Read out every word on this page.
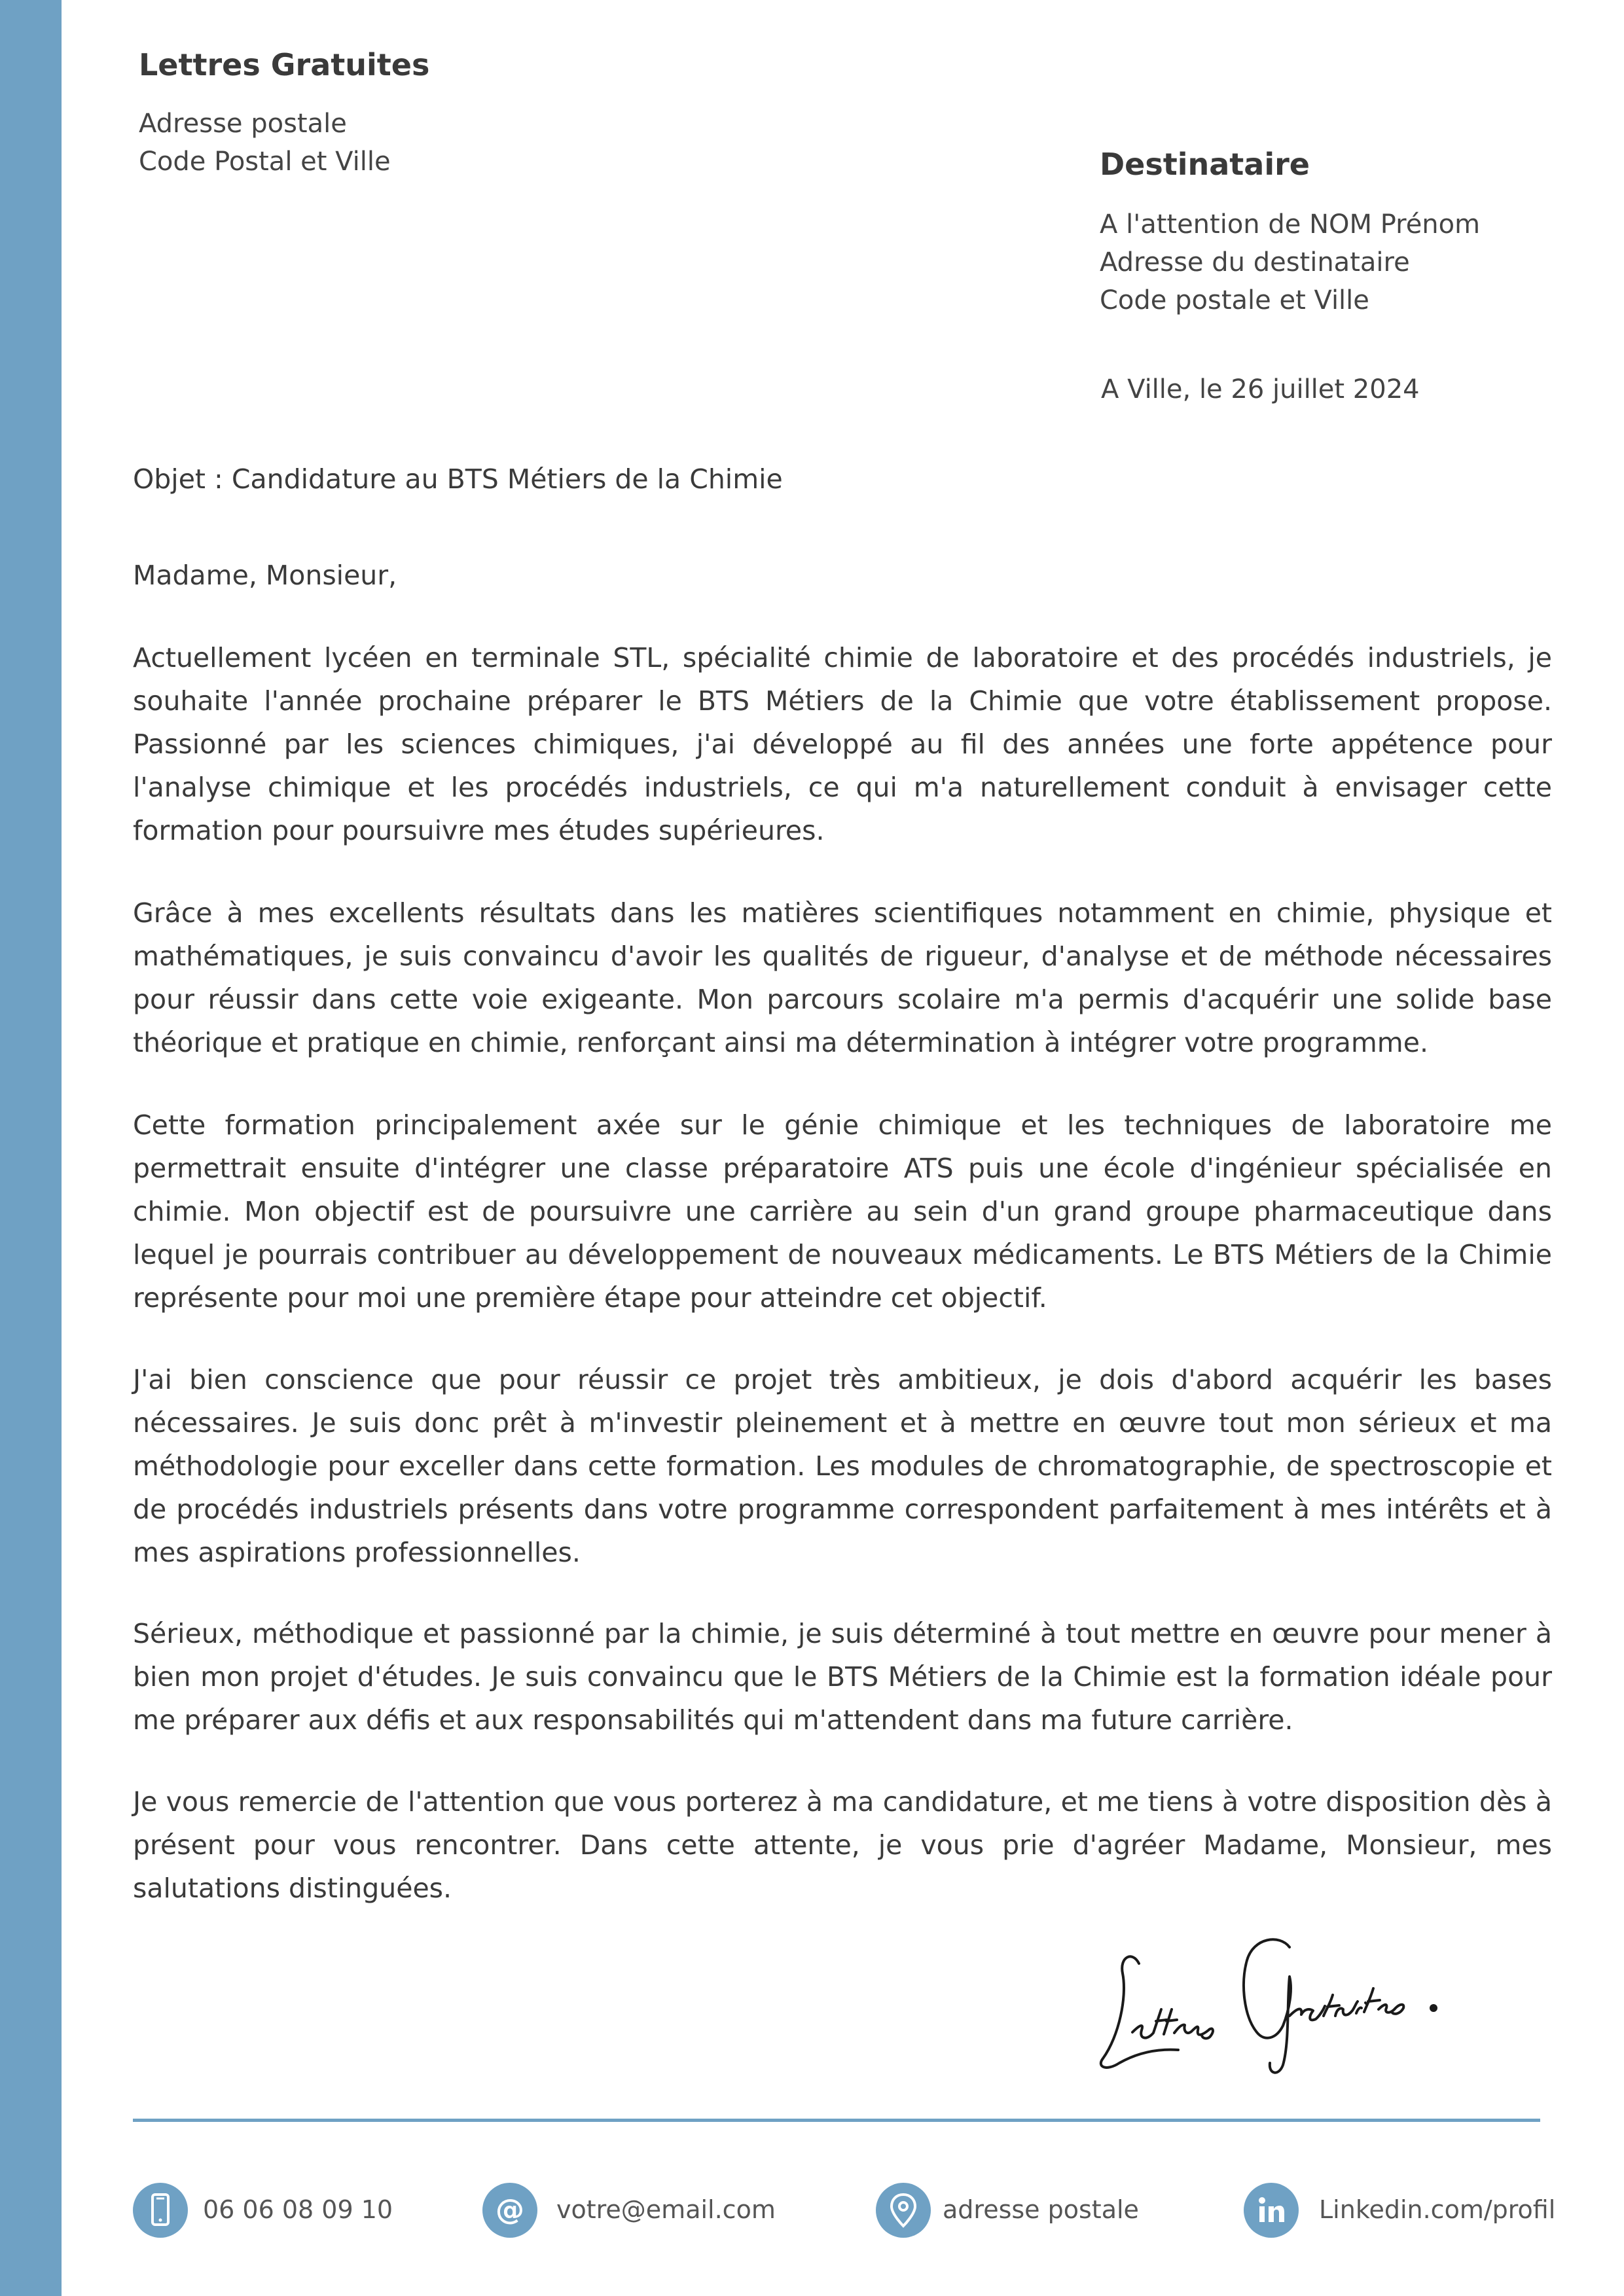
Lettres Gratuites
Adresse postale
Code Postal et Ville	Destinataire
A l'attention de NOM Prénom
Adresse du destinataire
Code postale et Ville
A Ville, le 26 juillet 2024
Objet : Candidature au BTS Métiers de la Chimie
Madame, Monsieur,

Actuellement lycéen en terminale STL, spécialité chimie de laboratoire et des procédés industriels, je souhaite l'année prochaine préparer le BTS Métiers de la Chimie que votre établissement propose. Passionné par les sciences chimiques, j'ai développé au fil des années une forte appétence pour l'analyse chimique et les procédés industriels, ce qui m'a naturellement conduit à envisager cette formation pour poursuivre mes études supérieures.

Grâce à mes excellents résultats dans les matières scientifiques notamment en chimie, physique et mathématiques, je suis convaincu d'avoir les qualités de rigueur, d'analyse et de méthode nécessaires pour réussir dans cette voie exigeante. Mon parcours scolaire m'a permis d'acquérir une solide base théorique et pratique en chimie, renforçant ainsi ma détermination à intégrer votre programme.

Cette formation principalement axée sur le génie chimique et les techniques de laboratoire me permettrait ensuite d'intégrer une classe préparatoire ATS puis une école d'ingénieur spécialisée en chimie. Mon objectif est de poursuivre une carrière au sein d'un grand groupe pharmaceutique dans lequel je pourrais contribuer au développement de nouveaux médicaments. Le BTS Métiers de la Chimie représente pour moi une première étape pour atteindre cet objectif.

J'ai bien conscience que pour réussir ce projet très ambitieux, je dois d'abord acquérir les bases nécessaires. Je suis donc prêt à m'investir pleinement et à mettre en œuvre tout mon sérieux et ma méthodologie pour exceller dans cette formation. Les modules de chromatographie, de spectroscopie et de procédés industriels présents dans votre programme correspondent parfaitement à mes intérêts et à mes aspirations professionnelles.

Sérieux, méthodique et passionné par la chimie, je suis déterminé à tout mettre en œuvre pour mener à bien mon projet d'études. Je suis convaincu que le BTS Métiers de la Chimie est la formation idéale pour me préparer aux défis et aux responsabilités qui m'attendent dans ma future carrière.

Je vous remercie de l'attention que vous porterez à ma candidature, et me tiens à votre disposition dès à présent pour vous rencontrer. Dans cette attente, je vous prie d'agréer Madame, Monsieur, mes salutations distinguées.

06 06 08 09 10	@ votre@email.com	adresse postale	Linkedin.com/profil
